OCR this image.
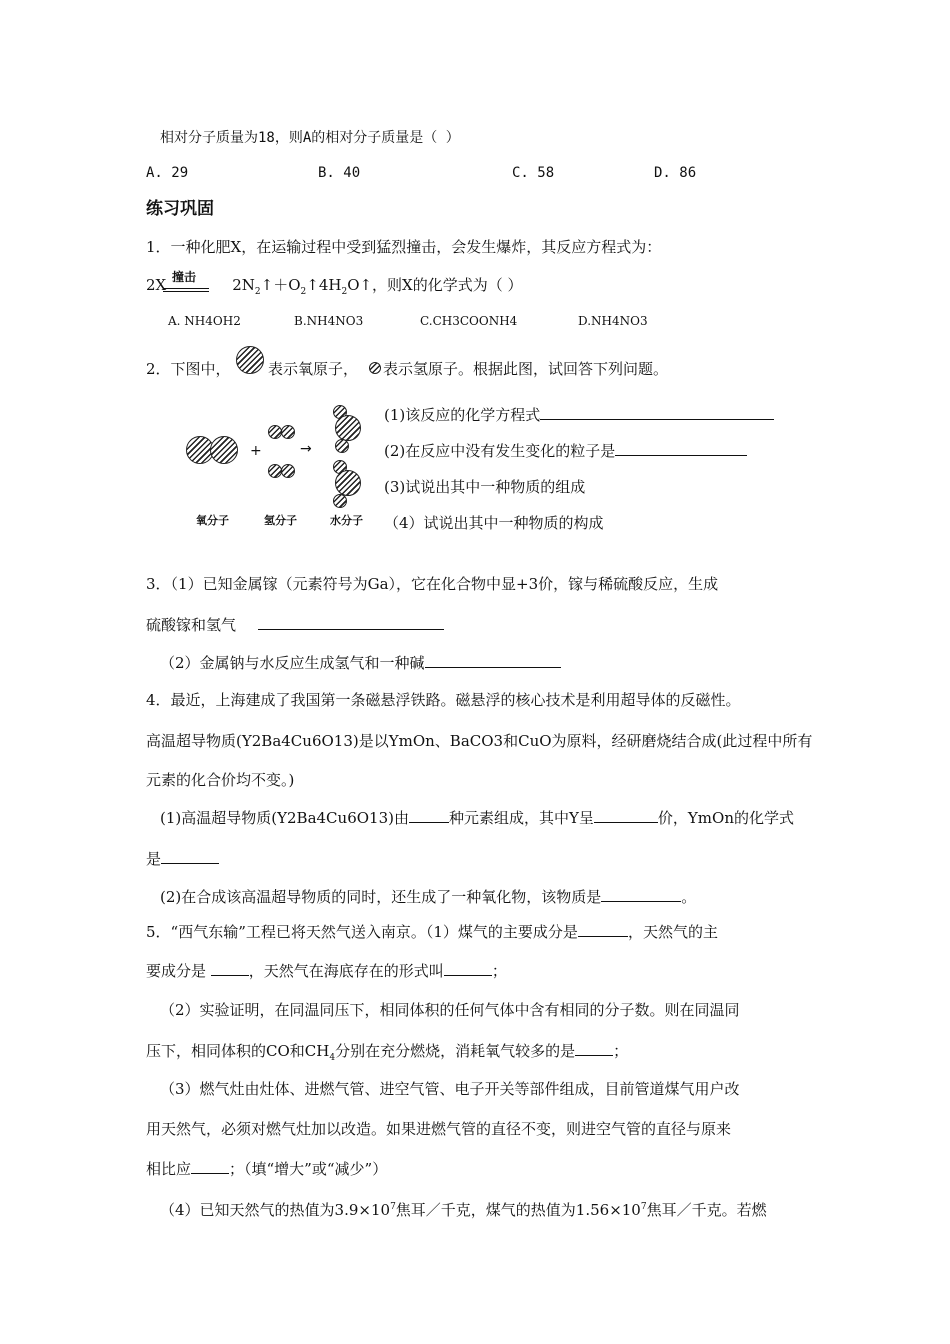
相对分子质量为18，则A的相对分子质量是（ ）
A. 29	B. 40	C. 58	D. 86
练习巩固
1．一种化肥X，在运输过程中受到猛烈撞击，会发生爆炸，其反应方程式为：
2X	$2N_2↑+O_2↑4H_2O↑$，则X的化学式为（ ）
撞击
A. NH4OH2	B.NH4NO3	C.CH3COONH4	D.NH4NO3
2．下图中， 表示氧原子， 表示氢原子。根据此图，试回答下列问题。
氧分子
+
氢分子
→
水分子
(1)该反应的化学方程式
(2)在反应中没有发生变化的粒子是
(3)试说出其中一种物质的组成
（4）试说出其中一种物质的构成
3．（1）已知金属镓（元素符号为Ga），它在化合物中显+3价，镓与稀硫酸反应，生成
硫酸镓和氢气
（2）金属钠与水反应生成氢气和一种碱
4．最近，上海建成了我国第一条磁悬浮铁路。磁悬浮的核心技术是利用超导体的反磁性。
高温超导物质(Y2Ba4Cu6O13)是以YmOn、BaCO3和CuO为原料，经研磨烧结合成(此过程中所有
元素的化合价均不变。)
(1)高温超导物质(Y2Ba4Cu6O13)由	种元素组成，其中Y呈	价，YmOn的化学式
是
(2)在合成该高温超导物质的同时，还生成了一种氧化物，该物质是	。
5．“西气东输”工程已将天然气送入南京。（1）煤气的主要成分是	，天然气的主
要成分是	，天然气在海底存在的形式叫	；
（2）实验证明，在同温同压下，相同体积的任何气体中含有相同的分子数。则在同温同
压下，相同体积的CO和$CH_4$分别在充分燃烧，消耗氧气较多的是	；
（3）燃气灶由灶体、进燃气管、进空气管、电子开关等部件组成，目前管道煤气用户改
用天然气，必须对燃气灶加以改造。如果进燃气管的直径不变，则进空气管的直径与原来
相比应	；（填“增大”或“减少”）
（4）已知天然气的热值为$3.9\times 10^7$焦耳／千克，煤气的热值为$1.56\times 10^7$焦耳／千克。若燃
